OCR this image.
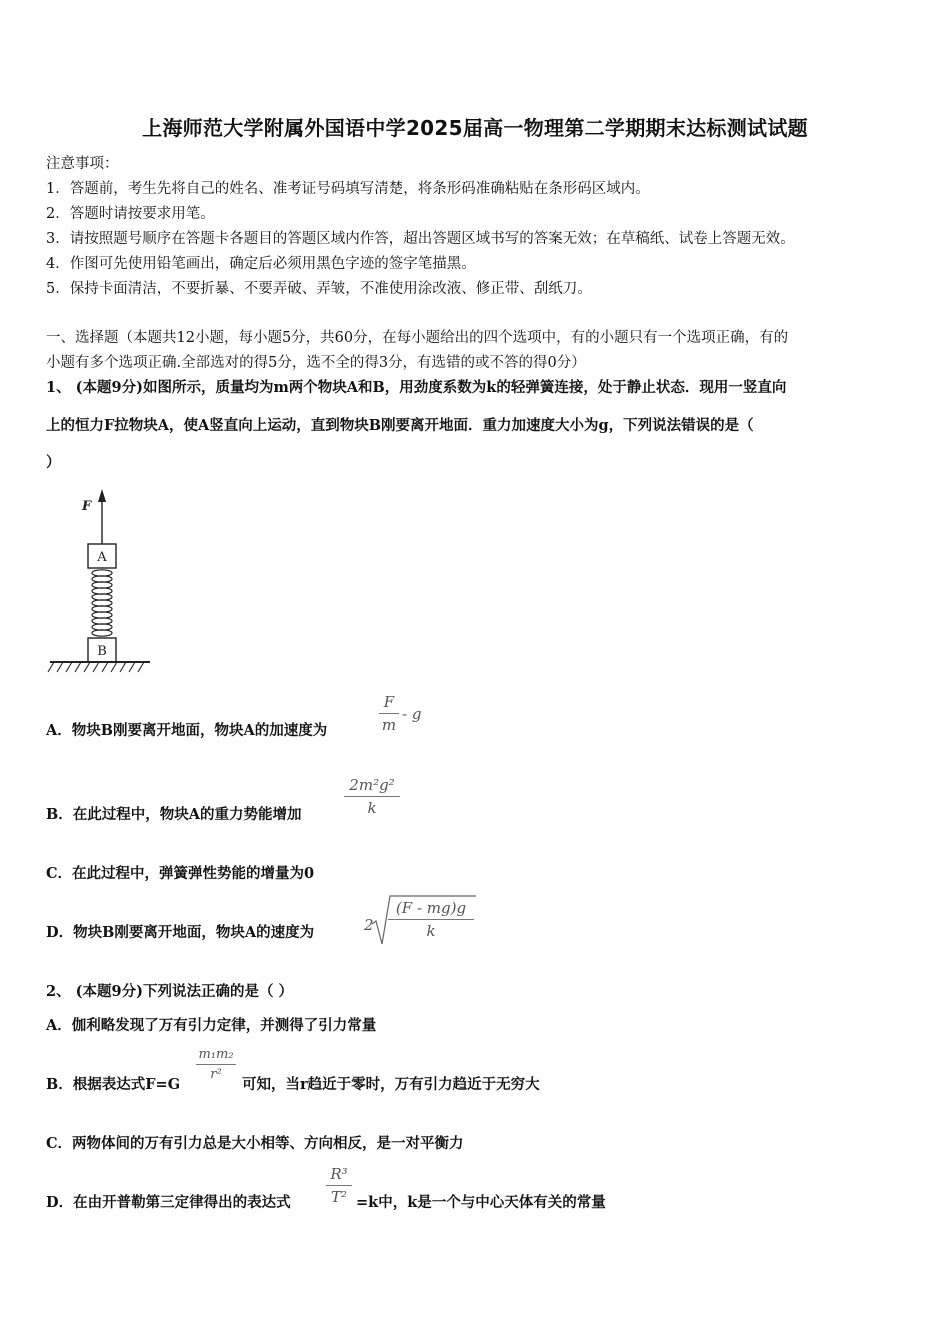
上海师范大学附属外国语中学2025届高一物理第二学期期末达标测试试题
注意事项：
1．答题前，考生先将自己的姓名、准考证号码填写清楚，将条形码准确粘贴在条形码区域内。
2．答题时请按要求用笔。
3．请按照题号顺序在答题卡各题目的答题区域内作答，超出答题区域书写的答案无效；在草稿纸、试卷上答题无效。
4．作图可先使用铅笔画出，确定后必须用黑色字迹的签字笔描黑。
5．保持卡面清洁，不要折暴、不要弄破、弄皱，不准使用涂改液、修正带、刮纸刀。
一、选择题（本题共12小题，每小题5分，共60分，在每小题给出的四个选项中，有的小题只有一个选项正确，有的
小题有多个选项正确.全部选对的得5分，选不全的得3分，有选错的或不答的得0分）
1、 (本题9分)如图所示，质量均为m两个物块A和B，用劲度系数为k的轻弹簧连接，处于静止状态．现用一竖直向
上的恒力F拉物块A，使A竖直向上运动，直到物块B刚要离开地面．重力加速度大小为g，下列说法错误的是（
）
F
A
B
A．物块B刚要离开地面，物块A的加速度为
F
m
- g
B．在此过程中，物块A的重力势能增加
2m²g²
k
C．在此过程中，弹簧弹性势能的增量为0
D．物块B刚要离开地面，物块A的速度为	2
(F - mg)g
k
2、 (本题9分)下列说法正确的是（ ）
A．伽利略发现了万有引力定律，并测得了引力常量
B．根据表达式F=G
m₁m₂
r²
可知，当r趋近于零时，万有引力趋近于无穷大
C．两物体间的万有引力总是大小相等、方向相反，是一对平衡力
D．在由开普勒第三定律得出的表达式
R³
T² =k中，k是一个与中心天体有关的常量
